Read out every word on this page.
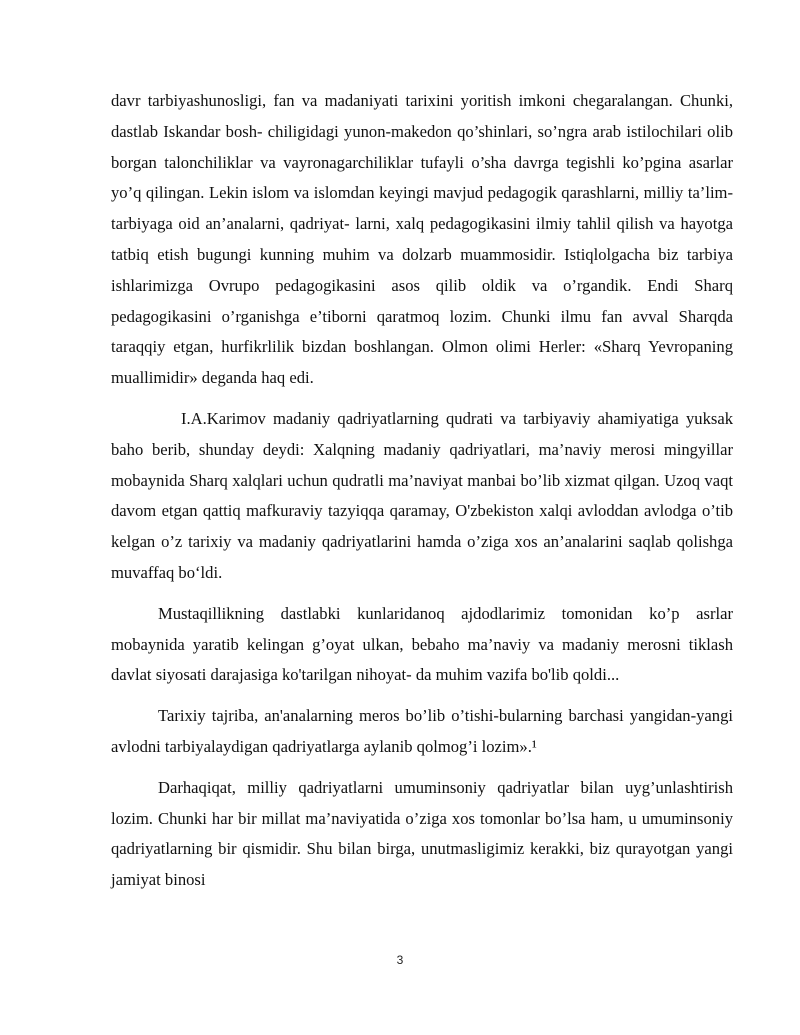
davr tarbiyashunosligi, fan va madaniyati tarixini yoritish imkoni chegaralangan. Chunki, dastlab Iskandar bosh- chiligidagi yunon-makedon qo’shinlari, so’ngra arab istilochilari olib borgan talonchiliklar va vayronagarchiliklar tufayli o’sha davrga tegishli ko’pgina asarlar yo’q qilingan. Lekin islom va islomdan keyingi mavjud pedagogik qarashlarni, milliy ta’lim-tarbiyaga oid an’analarni, qadriyat- larni, xalq pedagogikasini ilmiy tahlil qilish va hayotga tatbiq etish bugungi kunning muhim va dolzarb muammosidir. Istiqlolgacha biz tarbiya ishlarimizga Ovrupo pedagogikasini asos qilib oldik va o’rgandik. Endi Sharq pedagogikasini o’rganishga e’tiborni qaratmoq lozim. Chunki ilmu fan avval Sharqda taraqqiy etgan, hurfikrlilik bizdan boshlangan. Olmon olimi Herler: «Sharq Yevropaning muallimidir» deganda haq edi.

I.A.Karimov madaniy qadriyatlarning qudrati va tarbiyaviy ahamiyatiga yuksak baho berib, shunday deydi: Xalqning madaniy qadriyatlari, ma’naviy merosi mingyillar mobaynida Sharq xalqlari uchun qudratli ma’naviyat manbai bo’lib xizmat qilgan. Uzoq vaqt davom etgan qattiq mafkuraviy tazyiqqa qaramay, O'zbekiston xalqi avloddan avlodga o’tib kelgan o’z tarixiy va madaniy qadriyatlarini hamda o’ziga xos an’analarini saqlab qolishga muvaffaq bo‘ldi.

Mustaqillikning dastlabki kunlaridanoq ajdodlarimiz tomonidan ko’p asrlar mobaynida yaratib kelingan g’oyat ulkan, bebaho ma’naviy va madaniy merosni tiklash davlat siyosati darajasiga ko'tarilgan nihoyat- da muhim vazifa bo'lib qoldi...

Tarixiy tajriba, an'analarning meros bo’lib o’tishi-bularning barchasi yangidan-yangi avlodni tarbiyalaydigan qadriyatlarga aylanib qolmog’i lozim».¹

Darhaqiqat, milliy qadriyatlarni umuminsoniy qadriyatlar bilan uyg’unlashtirish lozim. Chunki har bir millat ma’naviyatida o’ziga xos tomonlar bo’lsa ham, u umuminsoniy qadriyatlarning bir qismidir. Shu bilan birga, unutmasligimiz kerakki, biz qurayotgan yangi jamiyat binosi

3
